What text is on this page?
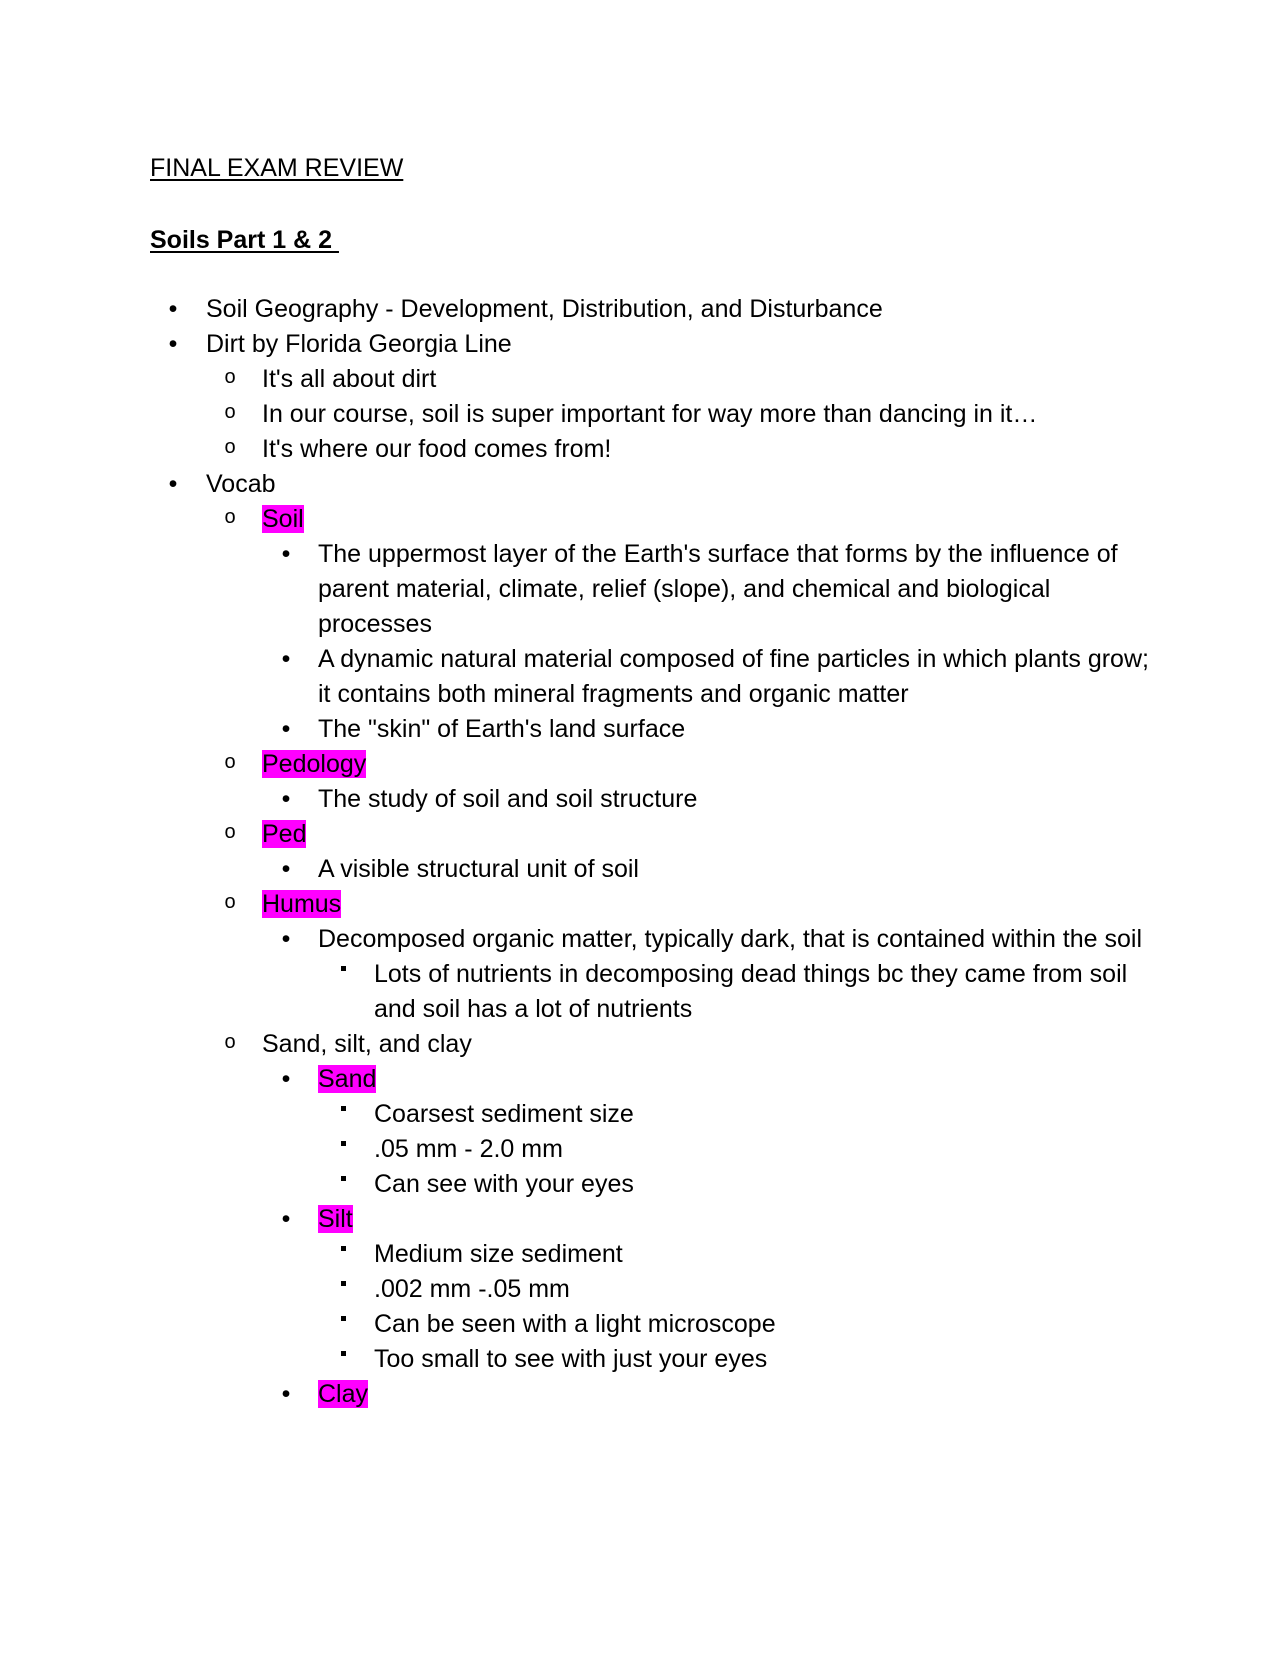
FINAL EXAM REVIEW

Soils Part 1 & 2

•	Soil Geography - Development, Distribution, and Disturbance
•	Dirt by Florida Georgia Line
o	It's all about dirt
o	In our course, soil is super important for way more than dancing in it…
o	It's where our food comes from!
•	Vocab
o	Soil
•	The uppermost layer of the Earth's surface that forms by the influence of parent material, climate, relief (slope), and chemical and biological processes
•	A dynamic natural material composed of fine particles in which plants grow; it contains both mineral fragments and organic matter
•	The "skin" of Earth's land surface
o	Pedology
•	The study of soil and soil structure
o	Ped
•	A visible structural unit of soil
o	Humus
•	Decomposed organic matter, typically dark, that is contained within the soil
Lots of nutrients in decomposing dead things bc they came from soil and soil has a lot of nutrients
o	Sand, silt, and clay
•	Sand
Coarsest sediment size
.05 mm - 2.0 mm
Can see with your eyes
•	Silt
Medium size sediment
.002 mm -.05 mm
Can be seen with a light microscope
Too small to see with just your eyes
•	Clay
